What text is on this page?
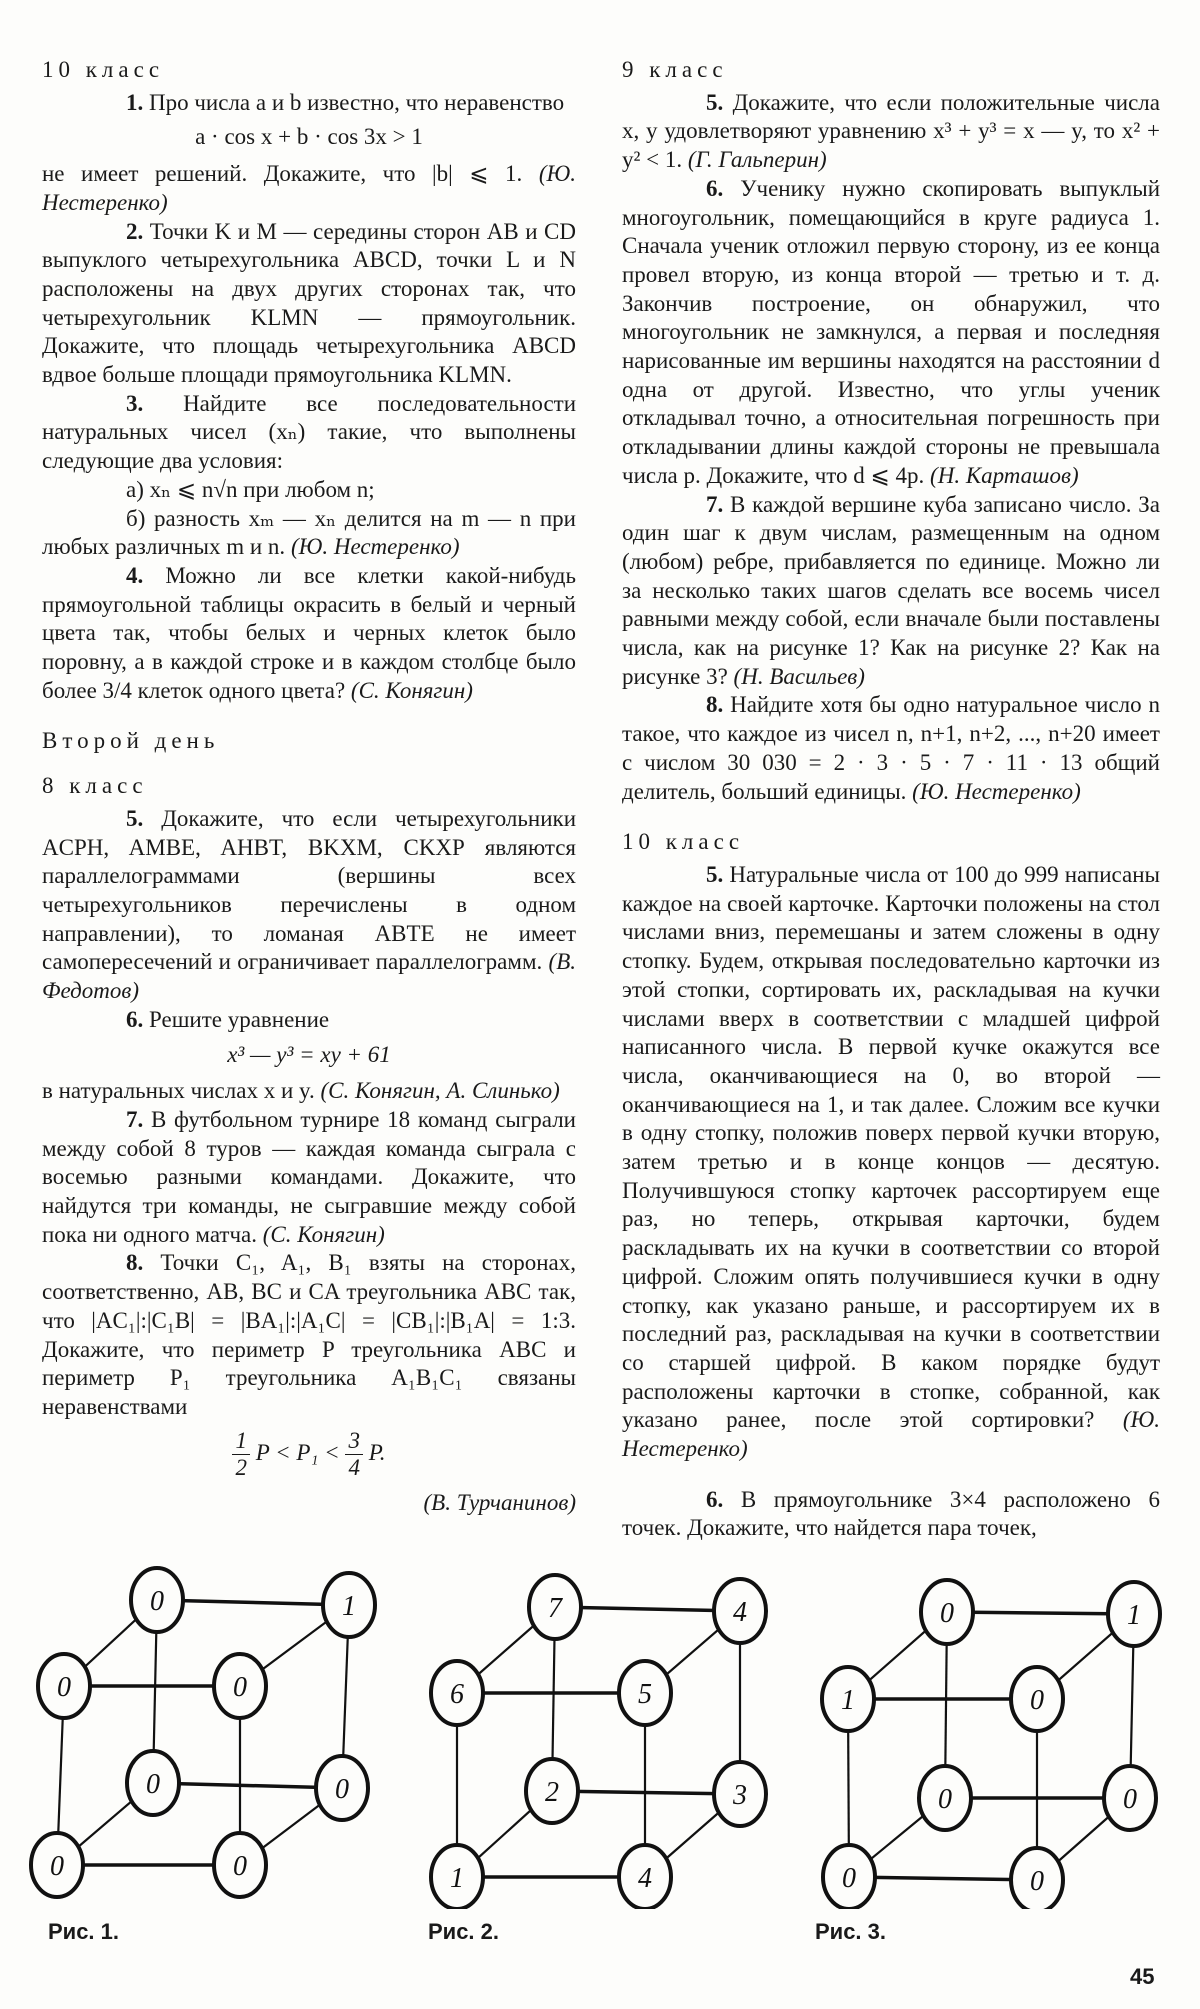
10 класс

1. Про числа a и b известно, что неравенство

a · cos x + b · cos 3x > 1

не имеет решений. Докажите, что |b| ⩽ 1. (Ю. Нестеренко)

2. Точки K и M — середины сторон AB и CD выпуклого четырехугольника ABCD, точки L и N расположены на двух других сторонах так, что четырехугольник KLMN — прямоугольник. Докажите, что площадь четырехугольника ABCD вдвое больше площади прямоугольника KLMN.

3. Найдите все последовательности натуральных чисел (xₙ) такие, что выполнены следующие два условия:

а) xₙ ⩽ n√n при любом n;

б) разность xₘ — xₙ делится на m — n при любых различных m и n. (Ю. Нестеренко)

4. Можно ли все клетки какой-нибудь прямоугольной таблицы окрасить в белый и черный цвета так, чтобы белых и черных клеток было поровну, а в каждой строке и в каждом столбце было более 3/4 клеток одного цвета? (С. Конягин)

Второй день
8 класс

5. Докажите, что если четырехугольники ACPH, AMBE, AHBT, BKXM, CKXP являются параллелограммами (вершины всех четырехугольников перечислены в одном направлении), то ломаная ABTE не имеет самопересечений и ограничивает параллелограмм. (В. Федотов)

6. Решите уравнение

x³ — y³ = xy + 61

в натуральных числах x и y. (С. Конягин, А. Слинько)

7. В футбольном турнире 18 команд сыграли между собой 8 туров — каждая команда сыграла с восемью разными командами. Докажите, что найдутся три команды, не сыгравшие между собой пока ни одного матча. (С. Конягин)

8. Точки C₁, A₁, B₁ взяты на сторонах, соответственно, AB, BC и CA треугольника ABC так, что |AC₁|:|C₁B| = |BA₁|:|A₁C| = |CB₁|:|B₁A| = 1:3. Докажите, что периметр P треугольника ABC и периметр P₁ треугольника A₁B₁C₁ связаны неравенствами

$\frac{1}{2}$ $P < P_1 < \frac{3}{4} P$.
(В. Турчанинов)
9 класс

5. Докажите, что если положительные числа x, y удовлетворяют уравнению x³ + y³ = x — y, то x² + y² < 1. (Г. Гальперин)

6. Ученику нужно скопировать выпуклый многоугольник, помещающийся в круге радиуса 1. Сначала ученик отложил первую сторону, из ее конца провел вторую, из конца второй — третью и т. д. Закончив построение, он обнаружил, что многоугольник не замкнулся, а первая и последняя нарисованные им вершины находятся на расстоянии d одна от другой. Известно, что углы ученик откладывал точно, а относительная погрешность при откладывании длины каждой стороны не превышала числа p. Докажите, что d ⩽ 4p. (Н. Карташов)

7. В каждой вершине куба записано число. За один шаг к двум числам, размещенным на одном (любом) ребре, прибавляется по единице. Можно ли за несколько таких шагов сделать все восемь чисел равными между собой, если вначале были поставлены числа, как на рисунке 1? Как на рисунке 2? Как на рисунке 3? (Н. Васильев)

8. Найдите хотя бы одно натуральное число n такое, что каждое из чисел n, n+1, n+2, ..., n+20 имеет с числом 30 030 = 2 · 3 · 5 · 7 · 11 · 13 общий делитель, больший единицы. (Ю. Нестеренко)

10 класс

5. Натуральные числа от 100 до 999 написаны каждое на своей карточке. Карточки положены на стол числами вниз, перемешаны и затем сложены в одну стопку. Будем, открывая последовательно карточки из этой стопки, сортировать их, раскладывая на кучки числами вверх в соответствии с младшей цифрой написанного числа. В первой кучке окажутся все числа, оканчивающиеся на 0, во второй — оканчивающиеся на 1, и так далее. Сложим все кучки в одну стопку, положив поверх первой кучки вторую, затем третью и в конце концов — десятую. Получившуюся стопку карточек рассортируем еще раз, но теперь, открывая карточки, будем раскладывать их на кучки в соответствии со второй цифрой. Сложим опять получившиеся кучки в одну стопку, как указано раньше, и рассортируем их в последний раз, раскладывая на кучки в соответствии со старшей цифрой. В каком порядке будут расположены карточки в стопке, собранной, как указано ранее, после этой сортировки? (Ю. Нестеренко)

6. В прямоугольнике 3×4 расположено 6 точек. Докажите, что найдется пара точек,

0	1
0	0
0	0
0	0
7	4
6	5
2	3
1	4
0	1
1	0
0	0
0	0
Рис. 1.	Рис. 2.	Рис. 3.
45
